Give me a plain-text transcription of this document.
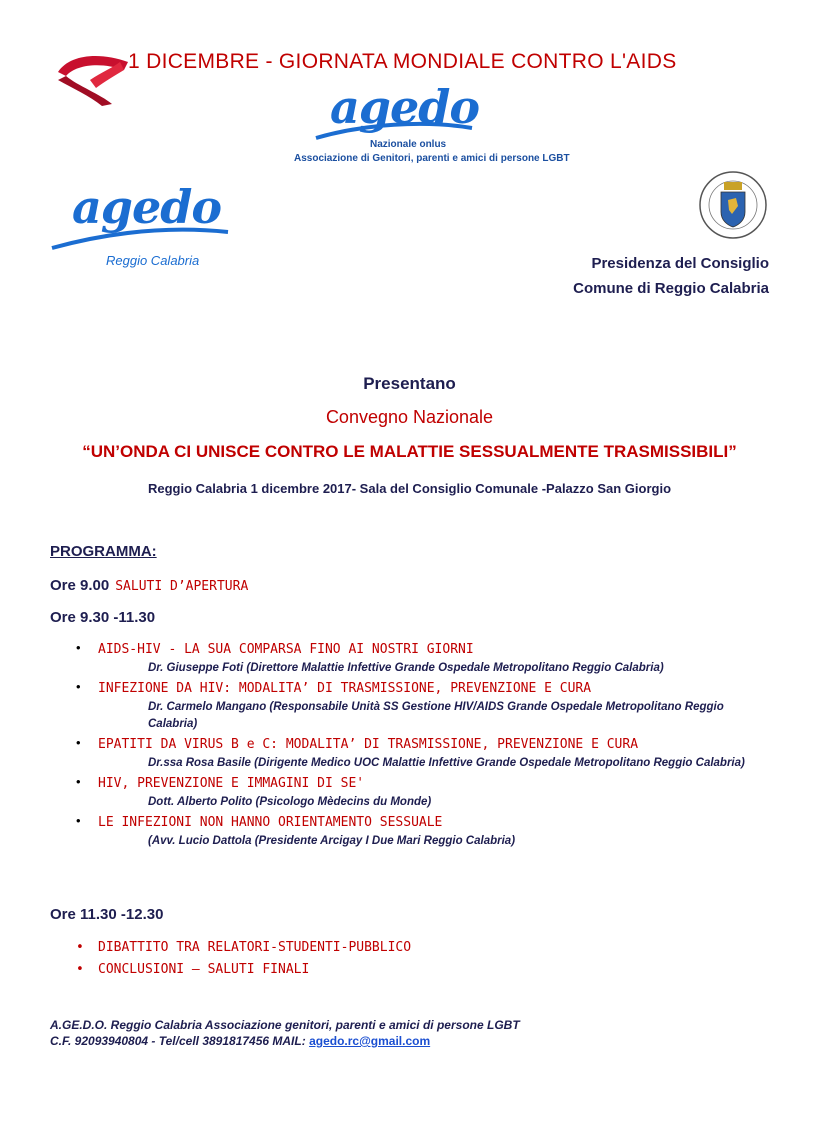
1 DICEMBRE - GIORNATA MONDIALE CONTRO L'AIDS
agedo
Nazionale onlus
Associazione di Genitori, parenti e amici di persone LGBT
agedo
Reggio Calabria	Presidenza del Consiglio
Comune di Reggio Calabria
Presentano
Convegno Nazionale
“UN’ONDA CI UNISCE CONTRO LE MALATTIE SESSUALMENTE TRASMISSIBILI”
Reggio Calabria 1 dicembre 2017- Sala del Consiglio Comunale -Palazzo San Giorgio
PROGRAMMA:
Ore 9.00 SALUTI D’APERTURA
Ore 9.30 -11.30
• AIDS-HIV - LA SUA COMPARSA FINO AI NOSTRI GIORNI
Dr. Giuseppe Foti (Direttore Malattie Infettive Grande Ospedale Metropolitano Reggio Calabria)
• INFEZIONE DA HIV: MODALITA’ DI TRASMISSIONE, PREVENZIONE E CURA
Dr. Carmelo Mangano (Responsabile Unità SS Gestione HIV/AIDS Grande Ospedale Metropolitano Reggio Calabria)
• EPATITI DA VIRUS B e C: MODALITA’ DI TRASMISSIONE, PREVENZIONE E CURA
Dr.ssa Rosa Basile (Dirigente Medico UOC Malattie Infettive Grande Ospedale Metropolitano Reggio Calabria)
• HIV, PREVENZIONE E IMMAGINI DI SE'
Dott. Alberto Polito (Psicologo Mèdecins du Monde)
• LE INFEZIONI NON HANNO ORIENTAMENTO SESSUALE
(Avv. Lucio Dattola (Presidente Arcigay I Due Mari Reggio Calabria)
Ore 11.30 -12.30
• DIBATTITO TRA RELATORI-STUDENTI-PUBBLICO
• CONCLUSIONI – SALUTI FINALI
A.GE.D.O. Reggio Calabria Associazione genitori, parenti e amici di persone LGBT
C.F. 92093940804 - Tel/cell 3891817456 MAIL: agedo.rc@gmail.com
